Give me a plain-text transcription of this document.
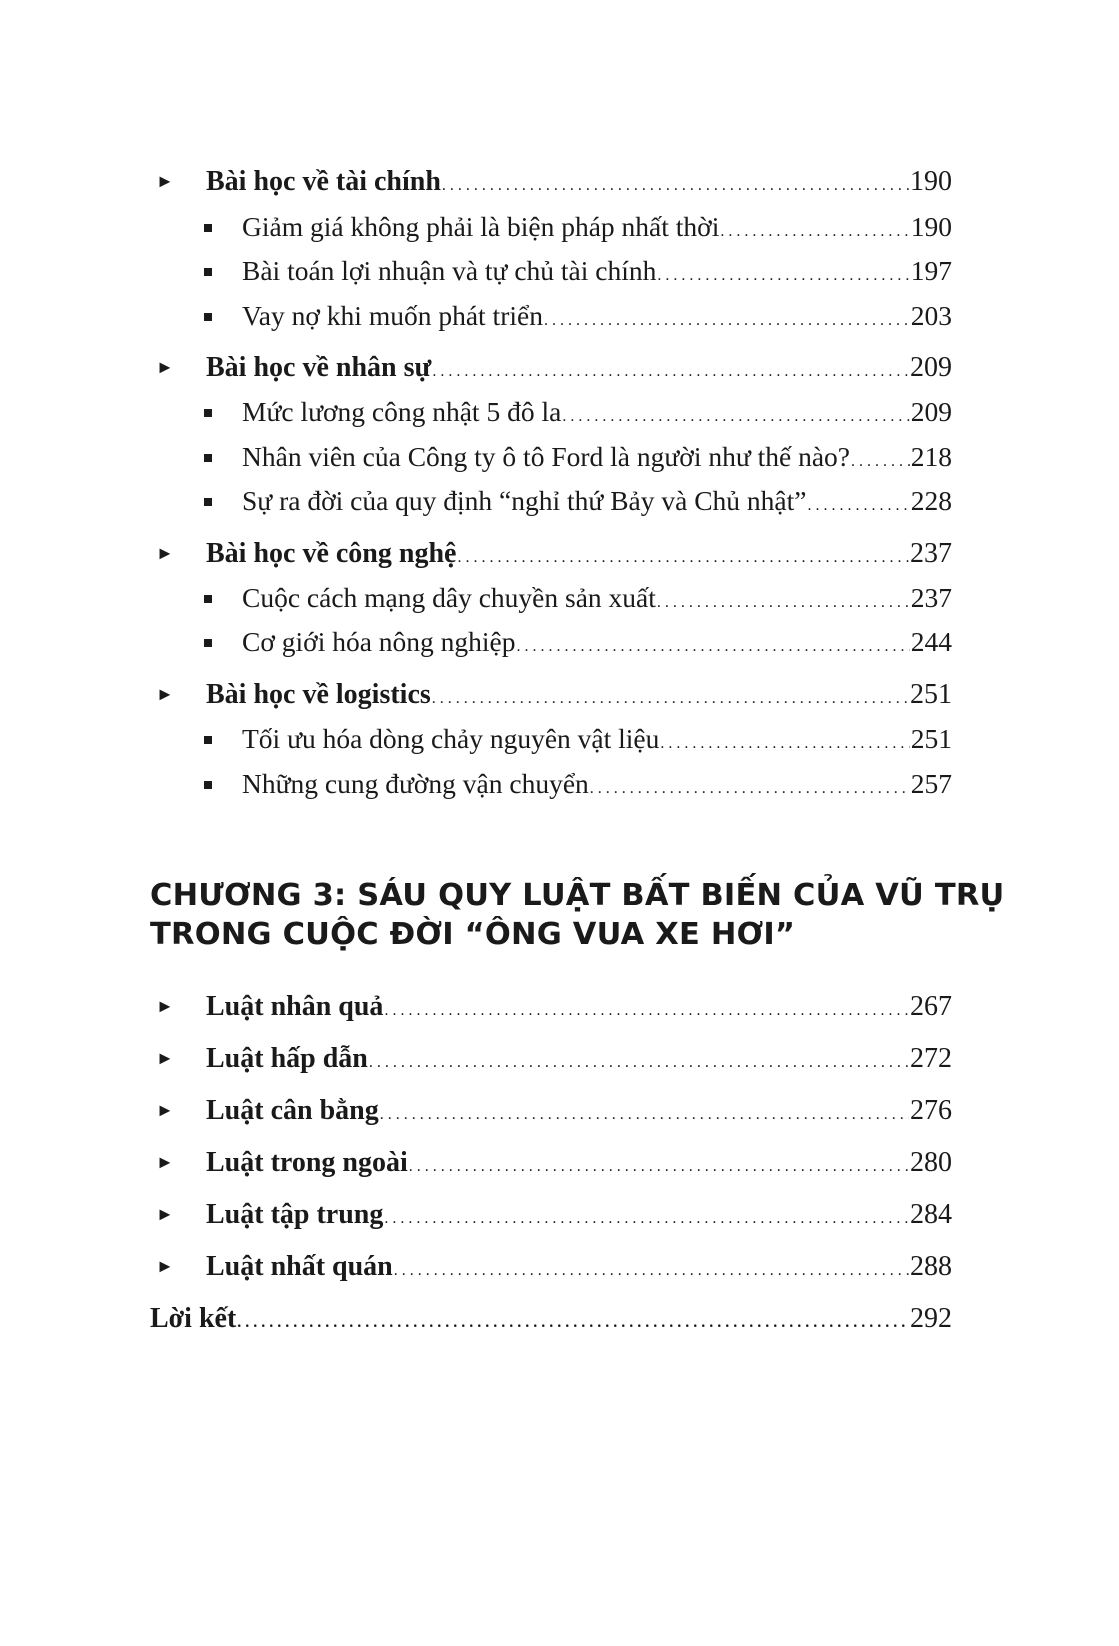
►	Bài học về tài chính . . .	190
Giảm giá không phải là biện pháp nhất thời . . .	190
Bài toán lợi nhuận và tự chủ tài chính . . .	197
Vay nợ khi muốn phát triển . . .	203
►	Bài học về nhân sự . . .	209
Mức lương công nhật 5 đô la . . .	209
Nhân viên của Công ty ô tô Ford là người như thế nào? . . . 218
Sự ra đời của quy định “nghỉ thứ Bảy và Chủ nhật” . . .	228
►	Bài học về công nghệ . . .	237
Cuộc cách mạng dây chuyền sản xuất . . .	237
Cơ giới hóa nông nghiệp . . .	244
►	Bài học về logistics . . .	251
Tối ưu hóa dòng chảy nguyên vật liệu . . .	251
Những cung đường vận chuyển . . .	257
CHƯƠNG 3: SÁU QUY LUẬT BẤT BIẾN CỦA VŨ TRỤ
TRONG CUỘC ĐỜI “ÔNG VUA XE HƠI”
►	Luật nhân quả . . .	267
►	Luật hấp dẫn . . .	272
►	Luật cân bằng . . .	276
►	Luật trong ngoài . . .	280
►	Luật tập trung . . .	284
►	Luật nhất quán . . .	288
Lời kết . . .	292
